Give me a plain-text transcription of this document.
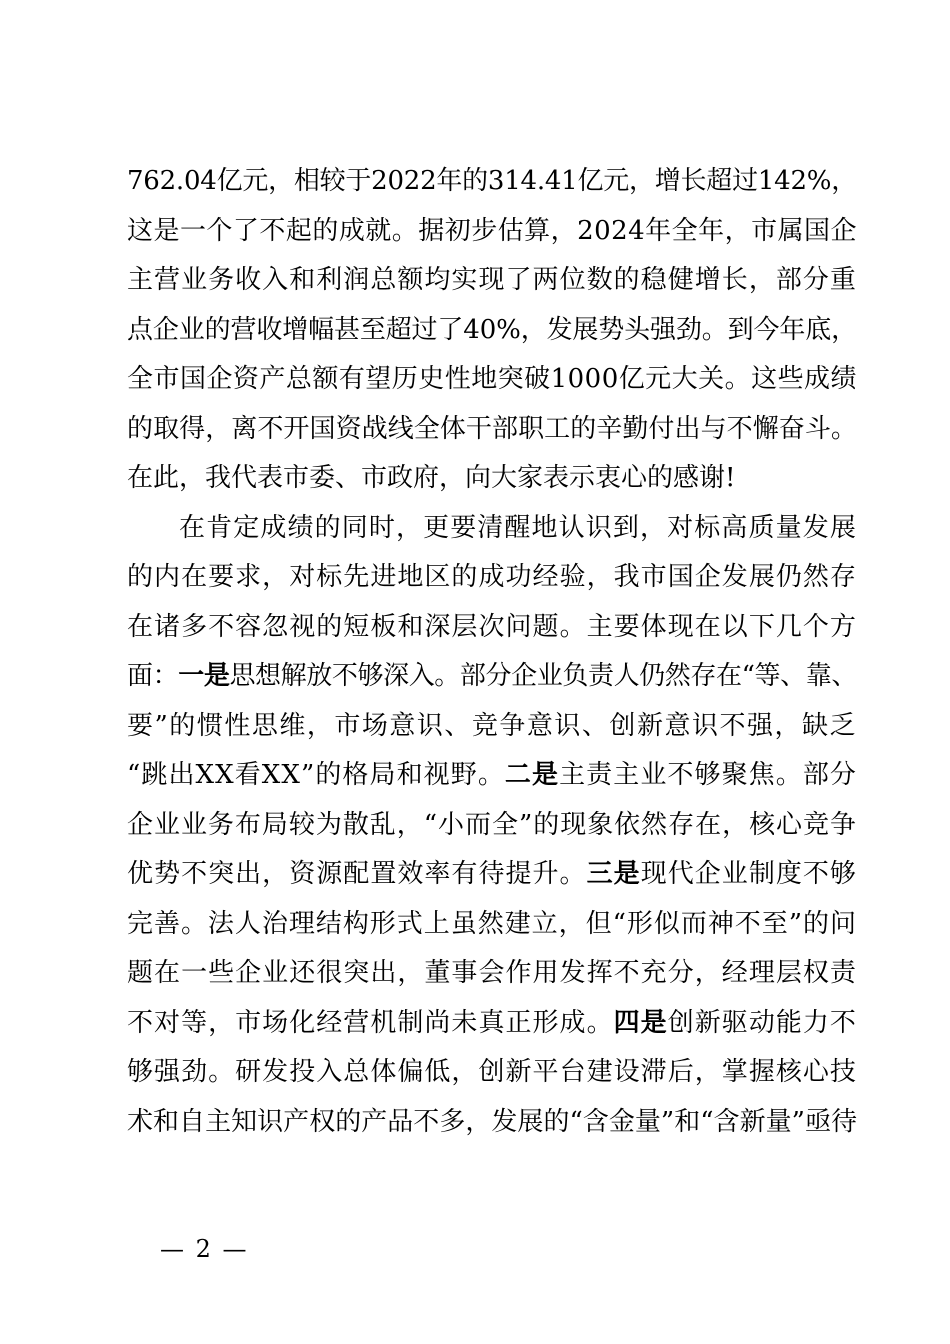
762.04亿元，相较于2022年的314.41亿元，增长超过142%，
这是一个了不起的成就。据初步估算，2024年全年，市属国企
主营业务收入和利润总额均实现了两位数的稳健增长，部分重
点企业的营收增幅甚至超过了40%，发展势头强劲。到今年底，
全市国企资产总额有望历史性地突破1000亿元大关。这些成绩
的取得，离不开国资战线全体干部职工的辛勤付出与不懈奋斗。
在此，我代表市委、市政府，向大家表示衷心的感谢!
在肯定成绩的同时，更要清醒地认识到，对标高质量发展
的内在要求，对标先进地区的成功经验，我市国企发展仍然存
在诸多不容忽视的短板和深层次问题。主要体现在以下几个方
面：一是思想解放不够深入。部分企业负责人仍然存在“等、靠、
要”的惯性思维，市场意识、竞争意识、创新意识不强，缺乏
“跳出XX看XX”的格局和视野。二是主责主业不够聚焦。部分
企业业务布局较为散乱，“小而全”的现象依然存在，核心竞争
优势不突出，资源配置效率有待提升。三是现代企业制度不够
完善。法人治理结构形式上虽然建立，但“形似而神不至”的问
题在一些企业还很突出，董事会作用发挥不充分，经理层权责
不对等，市场化经营机制尚未真正形成。四是创新驱动能力不
够强劲。研发投入总体偏低，创新平台建设滞后，掌握核心技
术和自主知识产权的产品不多，发展的“含金量”和“含新量”亟待
— 2 —
